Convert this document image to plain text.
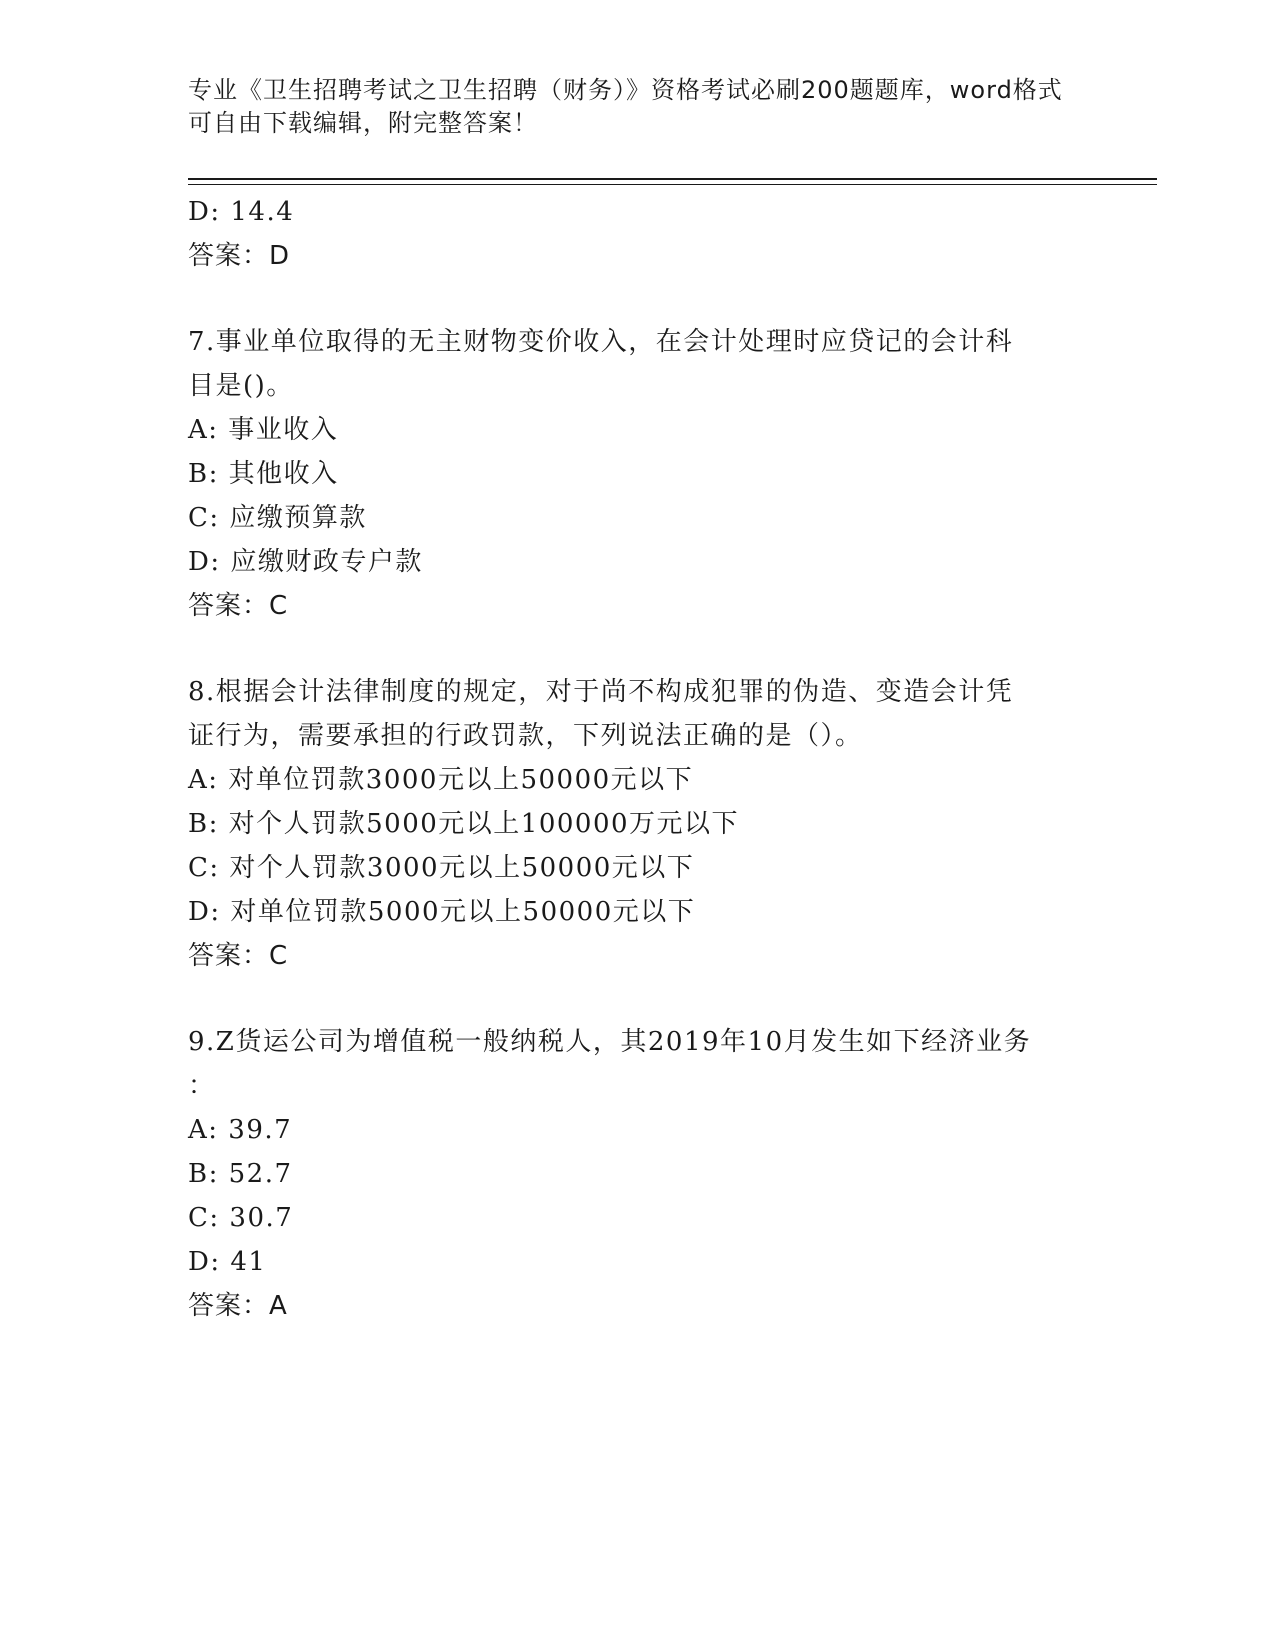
专业《卫生招聘考试之卫生招聘（财务）》资格考试必刷200题题库，word格式
可自由下载编辑，附完整答案！
D: 14.4
答案：D
7.事业单位取得的无主财物变价收入，在会计处理时应贷记的会计科
目是()。
A: 事业收入
B: 其他收入
C: 应缴预算款
D: 应缴财政专户款
答案：C
8.根据会计法律制度的规定，对于尚不构成犯罪的伪造、变造会计凭
证行为，需要承担的行政罚款，下列说法正确的是（）。
A: 对单位罚款3000元以上50000元以下
B: 对个人罚款5000元以上100000万元以下
C: 对个人罚款3000元以上50000元以下
D: 对单位罚款5000元以上50000元以下
答案：C
9.Z货运公司为增值税一般纳税人，其2019年10月发生如下经济业务
：
A: 39.7
B: 52.7
C: 30.7
D: 41
答案：A
